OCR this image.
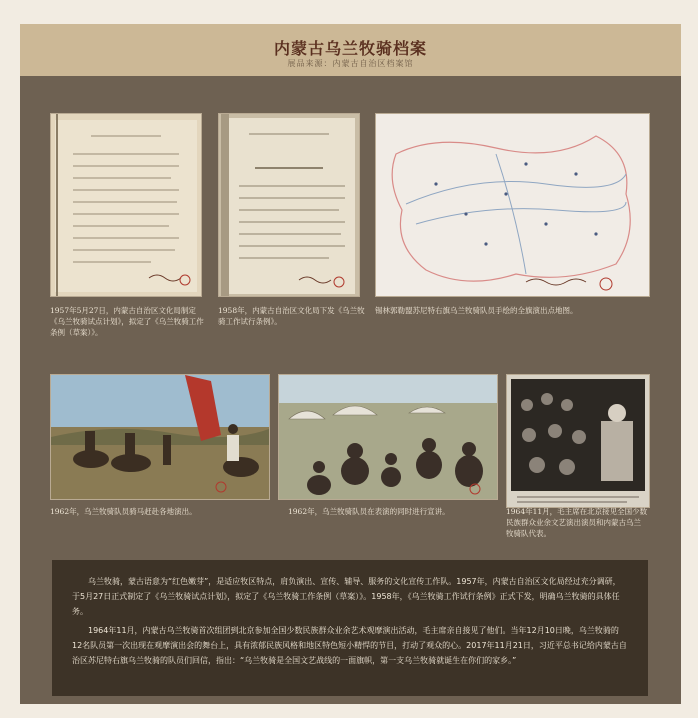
内蒙古乌兰牧骑档案
展品来源：内蒙古自治区档案馆
1957年5月27日，内蒙古自治区文化局制定《乌兰牧骑试点计划》，拟定了《乌兰牧骑工作条例（草案）》。
1958年，内蒙古自治区文化局下发《乌兰牧骑工作试行条例》。
锡林郭勒盟苏尼特右旗乌兰牧骑队员手绘的全旗演出点地图。
1962年，乌兰牧骑队员骑马赶赴各地演出。	1962年，乌兰牧骑队员在表演的同时进行宣讲。	1964年11月，毛主席在北京接见全国少数民族群众业余文艺演出演员和内蒙古乌兰牧骑队代表。

乌兰牧骑，蒙古语意为“红色嫩芽”，是适应牧区特点，肩负演出、宣传、辅导、服务的文化宣传工作队。1957年，内蒙古自治区文化局经过充分调研，于5月27日正式制定了《乌兰牧骑试点计划》，拟定了《乌兰牧骑工作条例（草案）》。1958年，《乌兰牧骑工作试行条例》正式下发，明确乌兰牧骑的具体任务。

1964年11月，内蒙古乌兰牧骑首次组团到北京参加全国少数民族群众业余艺术观摩演出活动，毛主席亲自接见了他们。当年12月10日晚，乌兰牧骑的12名队员第一次出现在观摩演出会的舞台上，具有浓郁民族风格和地区特色短小精悍的节目，打动了观众的心。2017年11月21日，习近平总书记给内蒙古自治区苏尼特右旗乌兰牧骑的队员们回信，指出：“乌兰牧骑是全国文艺战线的一面旗帜，第一支乌兰牧骑就诞生在你们的家乡。”
